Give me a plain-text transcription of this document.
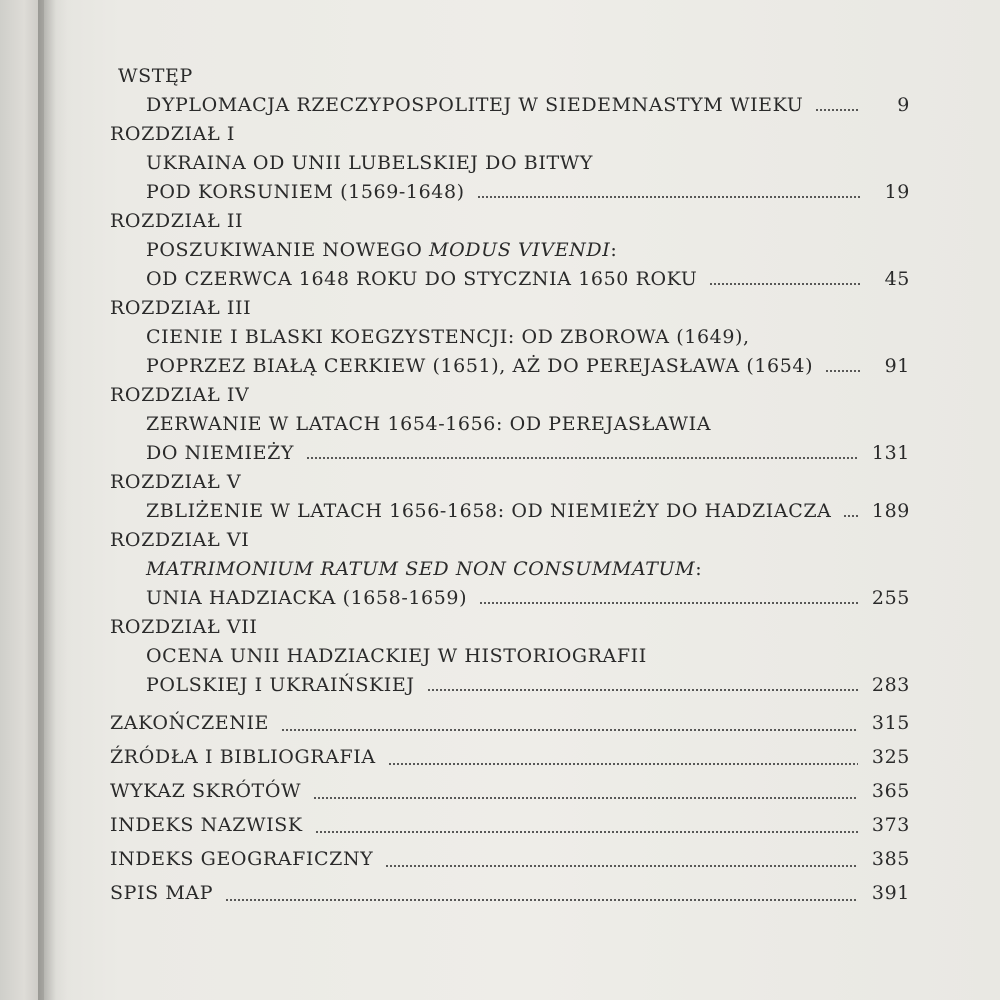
WSTĘP
DYPLOMACJA RZECZYPOSPOLITEJ W SIEDEMNASTYM WIEKU	9
ROZDZIAŁ I
UKRAINA OD UNII LUBELSKIEJ DO BITWY
POD KORSUNIEM (1569-1648)	19
ROZDZIAŁ II
POSZUKIWANIE NOWEGO MODUS VIVENDI :
OD CZERWCA 1648 ROKU DO STYCZNIA 1650 ROKU	45
ROZDZIAŁ III
CIENIE I BLASKI KOEGZYSTENCJI: OD ZBOROWA (1649),
POPRZEZ BIAŁĄ CERKIEW (1651), AŻ DO PEREJASŁAWA (1654)	91
ROZDZIAŁ IV
ZERWANIE W LATACH 1654-1656: OD PEREJASŁAWIA
DO NIEMIEŻY	131
ROZDZIAŁ V
ZBLIŻENIE W LATACH 1656-1658: OD NIEMIEŻY DO HADZIACZA 189
ROZDZIAŁ VI
MATRIMONIUM RATUM SED NON CONSUMMATUM :
UNIA HADZIACKA (1658-1659)	255
ROZDZIAŁ VII
OCENA UNII HADZIACKIEJ W HISTORIOGRAFII
POLSKIEJ I UKRAIŃSKIEJ	283
ZAKOŃCZENIE	315
ŹRÓDŁA I BIBLIOGRAFIA	325
WYKAZ SKRÓTÓW	365
INDEKS NAZWISK	373
INDEKS GEOGRAFICZNY	385
SPIS MAP	391
